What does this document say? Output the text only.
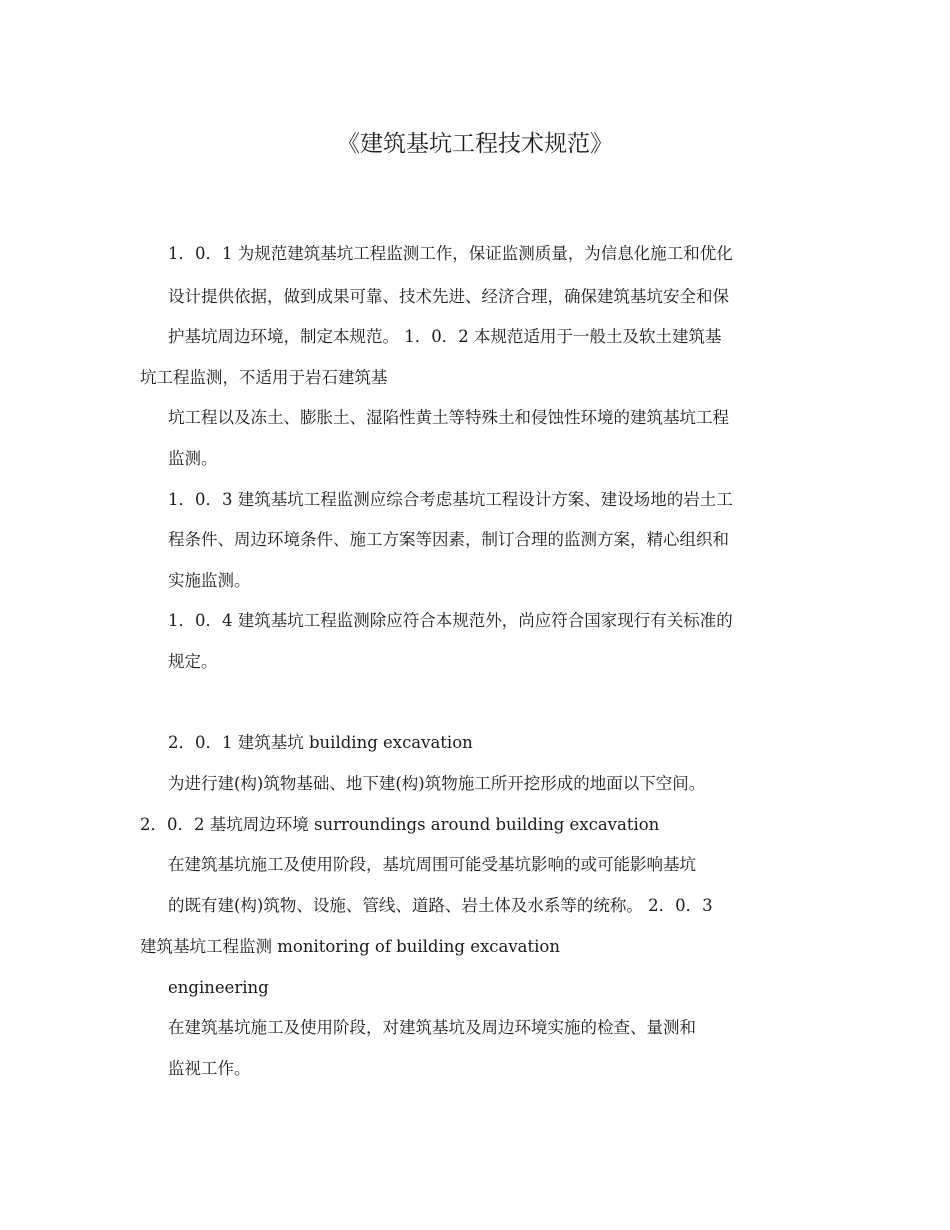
《建筑基坑工程技术规范》
1．0．1 为规范建筑基坑工程监测工作，保证监测质量，为信息化施工和优化
设计提供依据，做到成果可靠、技术先进、经济合理，确保建筑基坑安全和保
护基坑周边环境，制定本规范。 1．0．2 本规范适用于一般土及软土建筑基
坑工程监测，不适用于岩石建筑基
坑工程以及冻土、膨胀土、湿陷性黄土等特殊土和侵蚀性环境的建筑基坑工程
监测。
1．0．3 建筑基坑工程监测应综合考虑基坑工程设计方案、建设场地的岩土工
程条件、周边环境条件、施工方案等因素，制订合理的监测方案，精心组织和
实施监测。
1．0．4 建筑基坑工程监测除应符合本规范外，尚应符合国家现行有关标准的
规定。
2．0．1 建筑基坑 building excavation
为进行建(构)筑物基础、地下建(构)筑物施工所开挖形成的地面以下空间。
2．0．2 基坑周边环境 surroundings around building excavation
在建筑基坑施工及使用阶段，基坑周围可能受基坑影响的或可能影响基坑
的既有建(构)筑物、设施、管线、道路、岩土体及水系等的统称。 2．0．3
建筑基坑工程监测 monitoring of building excavation
engineering
在建筑基坑施工及使用阶段，对建筑基坑及周边环境实施的检查、量测和
监视工作。
